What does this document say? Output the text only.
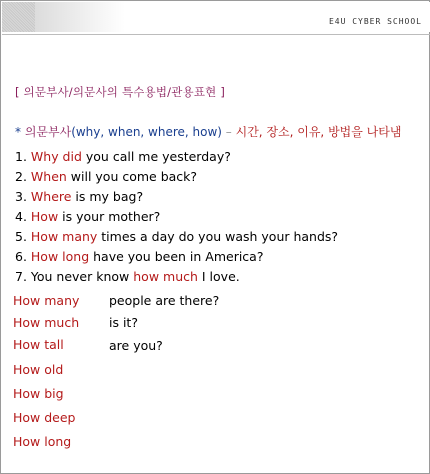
E4U CYBER SCHOOL
[ 의문부사/의문사의 특수용법/관용표현 ]
* 의문부사(why, when, where, how) – 시간, 장소, 이유, 방법을 나타냄
1. Why did you call me yesterday?
2. When will you come back?
3. Where is my bag?
4. How is your mother?
5. How many times a day do you wash your hands?
6. How long have you been in America?
7. You never know how much I love.
How many people are there?
How much is it?
How tall	are you?
How old
How big
How deep
How long
